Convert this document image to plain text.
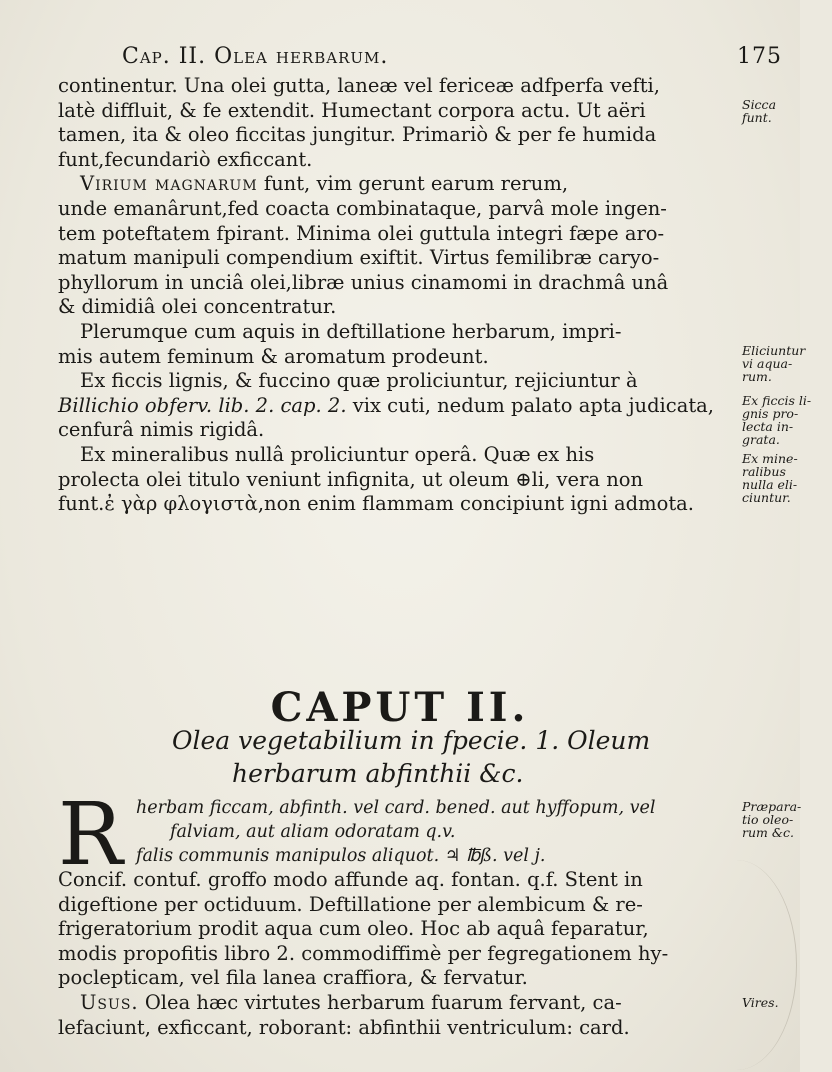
Cap. II. Olea herbarum.	175

continentur. Una olei gutta, laneæ vel fericeæ adfperfa vefti,

latè diffluit, & fe extendit. Humectant corpora actu. Ut aëri

tamen, ita & oleo ficcitas jungitur. Primariò & per fe humida

funt,fecundariò exficcant.

Virium magnarum funt, vim gerunt earum rerum,

unde emanârunt,fed coacta combinataque, parvâ mole ingen-

tem poteftatem fpirant. Minima olei guttula integri fæpe aro-

matum manipuli compendium exiftit. Virtus femilibræ caryo-

phyllorum in unciâ olei,libræ unius cinamomi in drachmâ unâ

& dimidiâ olei concentratur.

Plerumque cum aquis in deftillatione herbarum, impri-

mis autem feminum & aromatum prodeunt.

Ex ficcis lignis, & fuccino quæ proliciuntur, rejiciuntur à

Billichio obferv. lib. 2. cap. 2. vix cuti, nedum palato apta judicata,

cenfurâ nimis rigidâ.

Ex mineralibus nullâ proliciuntur operâ. Quæ ex his

prolecta olei titulo veniunt infignita, ut oleum ⊕li, vera non

funt.ἐ γὰρ φλογιστὰ,non enim flammam concipiunt igni admota.

Sicca
funt.
Eliciuntur
vi aqua-
rum.
Ex ficcis li-
gnis pro-
lecta in-
grata.
Ex mine-
ralibus
nulla eli-
ciuntur.
CAPUT II.
Olea vegetabilium in fpecie. 1. Oleum
herbarum abfinthii &c.
R herbam ficcam, abfinth. vel card. bened. aut hyffopum, vel
falviam, aut aliam odoratam q.v.
falis communis manipulos aliquot. ♃ ℔ß. vel j.
Præpara-
tio oleo-
rum &c.

Concif. contuf. groffo modo affunde aq. fontan. q.f. Stent in

digeftione per octiduum. Deftillatione per alembicum & re-

frigeratorium prodit aqua cum oleo. Hoc ab aquâ feparatur,

modis propofitis libro 2. commodiffimè per fegregationem hy-

poclepticam, vel fila lanea craffiora, & fervatur.

Usus. Olea hæc virtutes herbarum fuarum fervant, ca-

lefaciunt, exficcant, roborant: abfinthii ventriculum: card.

Vires.
